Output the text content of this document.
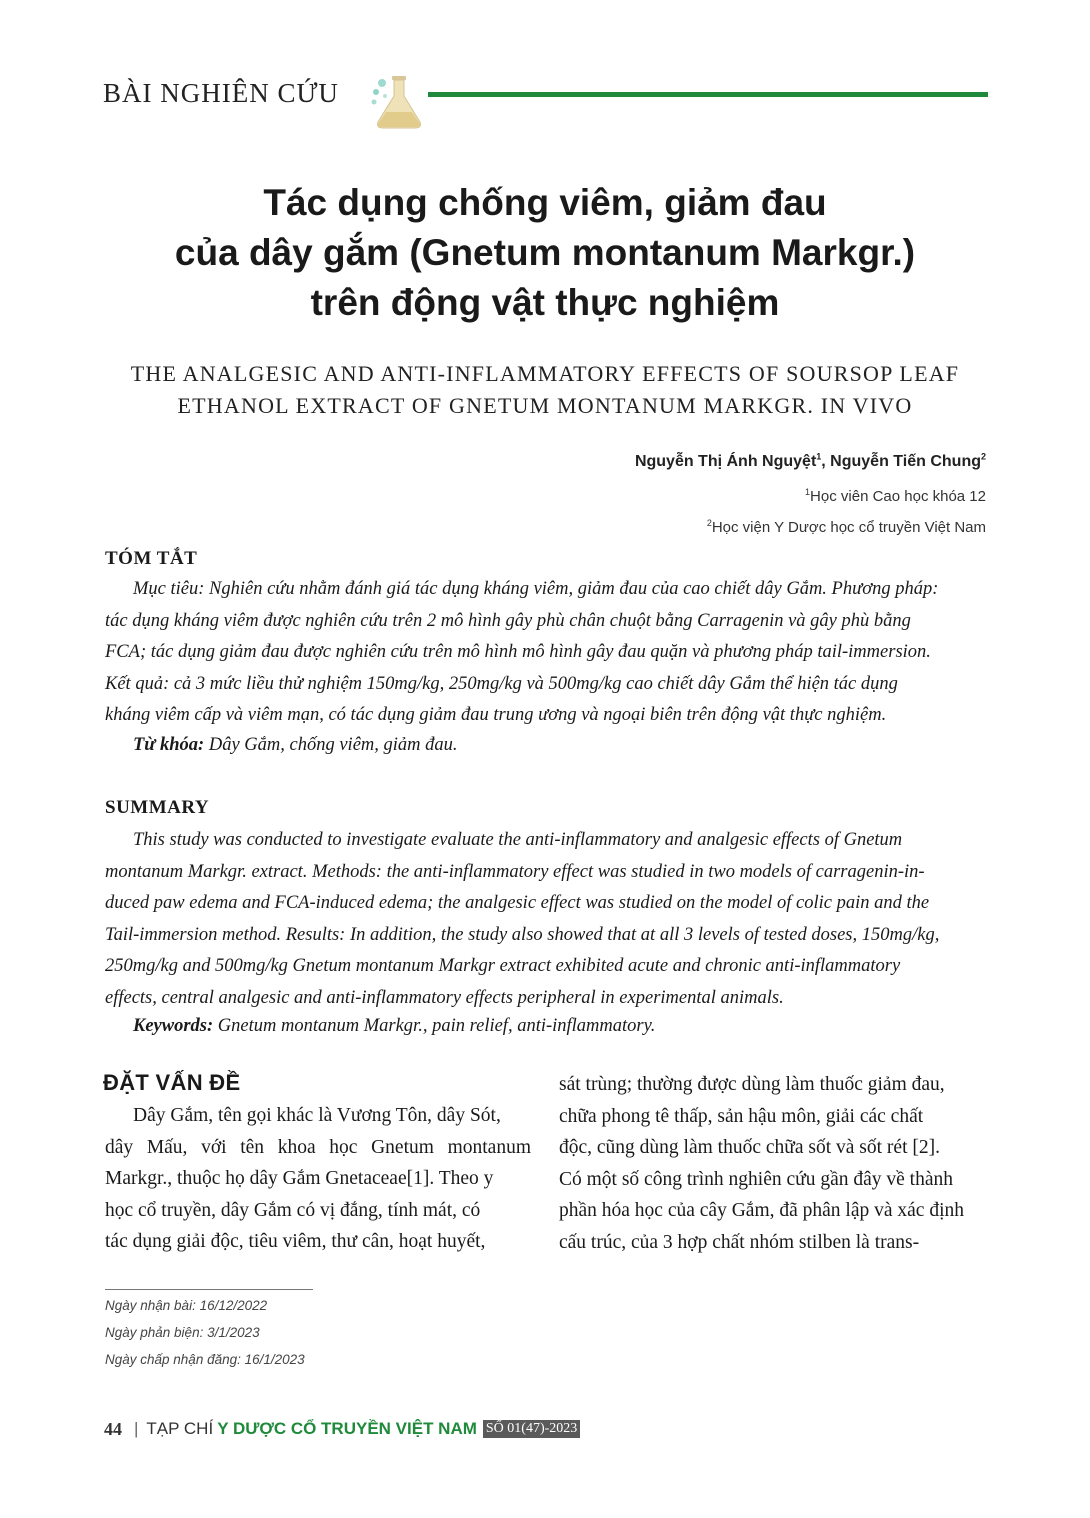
BÀI NGHIÊN CỨU
Tác dụng chống viêm, giảm đau
của dây gắm (Gnetum montanum Markgr.)
trên động vật thực nghiệm
THE ANALGESIC AND ANTI-INFLAMMATORY EFFECTS OF SOURSOP LEAF
ETHANOL EXTRACT OF GNETUM MONTANUM MARKGR. IN VIVO
Nguyễn Thị Ánh Nguyệt$^1$, Nguyễn Tiến Chung$^2$
$^1$Học viên Cao học khóa 12
$^2$Học viện Y Dược học cổ truyền Việt Nam
TÓM TẮT
Mục tiêu: Nghiên cứu nhằm đánh giá tác dụng kháng viêm, giảm đau của cao chiết dây Gắm. Phương pháp:
tác dụng kháng viêm được nghiên cứu trên 2 mô hình gây phù chân chuột bằng Carragenin và gây phù bằng
FCA; tác dụng giảm đau được nghiên cứu trên mô hình mô hình gây đau quặn và phương pháp tail-immersion.
Kết quả: cả 3 mức liều thử nghiệm 150mg/kg, 250mg/kg và 500mg/kg cao chiết dây Gắm thể hiện tác dụng
kháng viêm cấp và viêm mạn, có tác dụng giảm đau trung ương và ngoại biên trên động vật thực nghiệm.
Từ khóa: Dây Gắm, chống viêm, giảm đau.
SUMMARY
This study was conducted to investigate evaluate the anti-inflammatory and analgesic effects of Gnetum
montanum Markgr. extract. Methods: the anti-inflammatory effect was studied in two models of carragenin-in-
duced paw edema and FCA-induced edema; the analgesic effect was studied on the model of colic pain and the
Tail-immersion method. Results: In addition, the study also showed that at all 3 levels of tested doses, 150mg/kg,
250mg/kg and 500mg/kg Gnetum montanum Markgr extract exhibited acute and chronic anti-inflammatory
effects, central analgesic and anti-inflammatory effects peripheral in experimental animals.
Keywords: Gnetum montanum Markgr., pain relief, anti-inflammatory.
ĐẶT VẤN ĐỀ
Dây Gắm, tên gọi khác là Vương Tôn, dây Sót,
dây Mấu, với tên khoa học Gnetum montanum
Markgr., thuộc họ dây Gắm Gnetaceae[1]. Theo y
học cổ truyền, dây Gắm có vị đắng, tính mát, có
tác dụng giải độc, tiêu viêm, thư cân, hoạt huyết,
sát trùng; thường được dùng làm thuốc giảm đau,
chữa phong tê thấp, sản hậu môn, giải các chất
độc, cũng dùng làm thuốc chữa sốt và sốt rét [2].
Có một số công trình nghiên cứu gần đây về thành
phần hóa học của cây Gắm, đã phân lập và xác định
cấu trúc, của 3 hợp chất nhóm stilben là trans-
Ngày nhận bài: 16/12/2022
Ngày phản biện: 3/1/2023
Ngày chấp nhận đăng: 16/1/2023
44 | TẠP CHÍ Y DƯỢC CỔ TRUYỀN VIỆT NAM SỐ 01(47)-2023
